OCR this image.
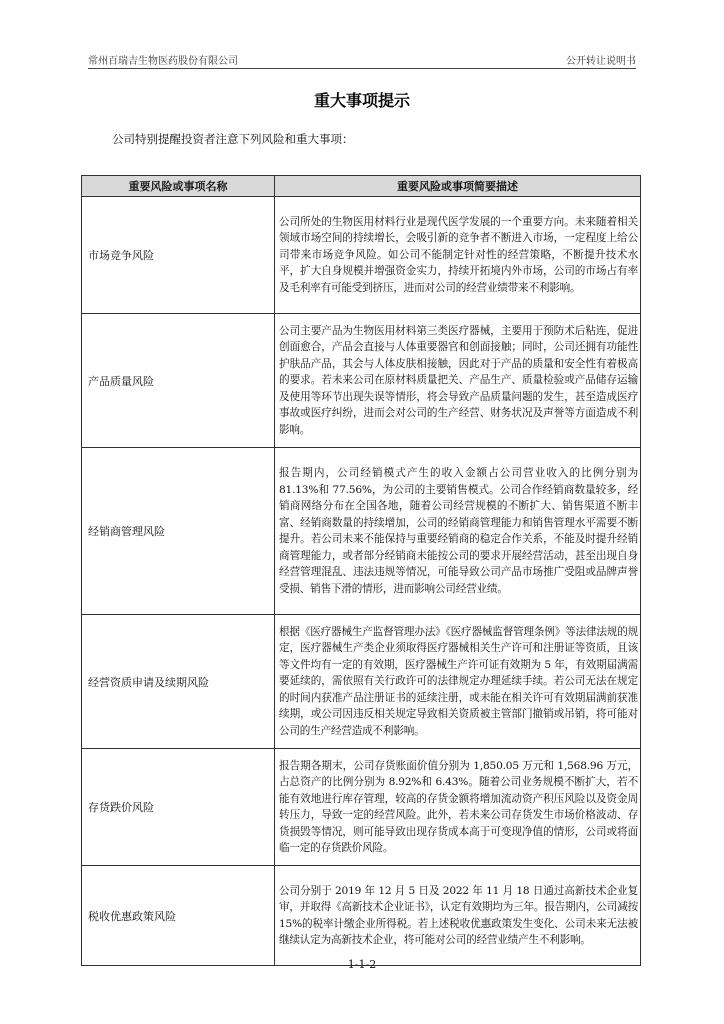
常州百瑞吉生物医药股份有限公司	公开转让说明书
重大事项提示
公司特别提醒投资者注意下列风险和重大事项：
重要风险或事项名称	重要风险或事项简要描述
市场竞争风险	公司所处的生物医用材料行业是现代医学发展的一个重要方向。未来随着相关领域市场空间的持续增长，会吸引新的竞争者不断进入市场，一定程度上给公司带来市场竞争风险。如公司不能制定针对性的经营策略，不断提升技术水平，扩大自身规模并增强资金实力，持续开拓境内外市场，公司的市场占有率及毛利率有可能受到挤压，进而对公司的经营业绩带来不利影响。
产品质量风险	公司主要产品为生物医用材料第三类医疗器械，主要用于预防术后粘连，促进创面愈合，产品会直接与人体重要器官和创面接触；同时，公司还拥有功能性护肤品产品，其会与人体皮肤相接触，因此对于产品的质量和安全性有着极高的要求。若未来公司在原材料质量把关、产品生产、质量检验或产品储存运输及使用等环节出现失误等情形，将会导致产品质量问题的发生，甚至造成医疗事故或医疗纠纷，进而会对公司的生产经营、财务状况及声誉等方面造成不利影响。
经销商管理风险	报告期内，公司经销模式产生的收入金额占公司营业收入的比例分别为 81.13%和 77.56%，为公司的主要销售模式。公司合作经销商数量较多，经销商网络分布在全国各地，随着公司经营规模的不断扩大、销售渠道不断丰富、经销商数量的持续增加，公司的经销商管理能力和销售管理水平需要不断提升。若公司未来不能保持与重要经销商的稳定合作关系，不能及时提升经销商管理能力，或者部分经销商未能按公司的要求开展经营活动，甚至出现自身经营管理混乱、违法违规等情况，可能导致公司产品市场推广受阻或品牌声誉受损、销售下滑的情形，进而影响公司经营业绩。
经营资质申请及续期风险	根据《医疗器械生产监督管理办法》《医疗器械监督管理条例》等法律法规的规定，医疗器械生产类企业须取得医疗器械相关生产许可和注册证等资质，且该等文件均有一定的有效期，医疗器械生产许可证有效期为 5 年，有效期届满需要延续的，需依照有关行政许可的法律规定办理延续手续。若公司无法在规定的时间内获准产品注册证书的延续注册，或未能在相关许可有效期届满前获准续期，或公司因违反相关规定导致相关资质被主管部门撤销或吊销，将可能对公司的生产经营造成不利影响。
存货跌价风险	报告期各期末，公司存货账面价值分别为 1,850.05 万元和 1,568.96 万元，占总资产的比例分别为 8.92%和 6.43%。随着公司业务规模不断扩大，若不能有效地进行库存管理，较高的存货金额将增加流动资产积压风险以及资金周转压力，导致一定的经营风险。此外，若未来公司存货发生市场价格波动、存货损毁等情况，则可能导致出现存货成本高于可变现净值的情形，公司或将面临一定的存货跌价风险。
税收优惠政策风险	公司分别于 2019 年 12 月 5 日及 2022 年 11 月 18 日通过高新技术企业复审，并取得《高新技术企业证书》，认定有效期均为三年。报告期内，公司减按 15%的税率计缴企业所得税。若上述税收优惠政策发生变化、公司未来无法被继续认定为高新技术企业，将可能对公司的经营业绩产生不利影响。
1-1-2
